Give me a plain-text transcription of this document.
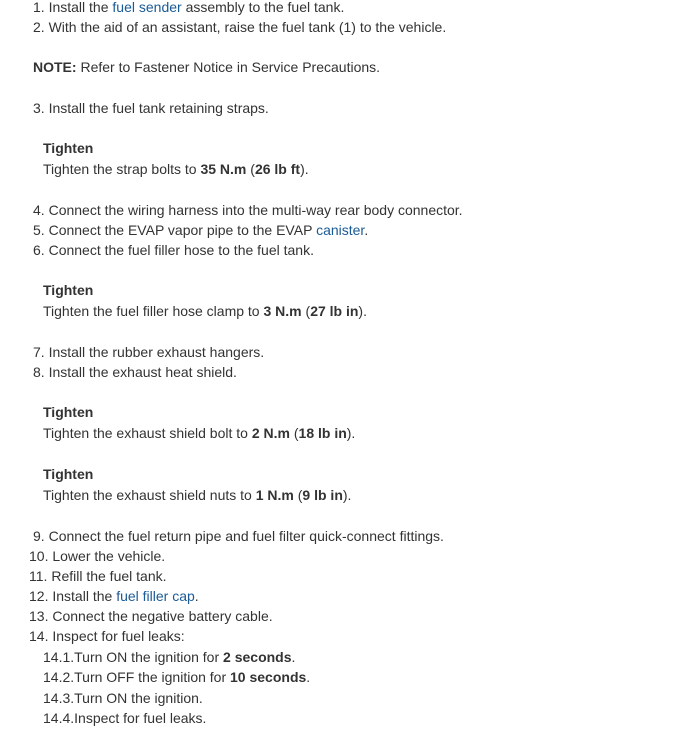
1. Install the fuel sender assembly to the fuel tank.
2. With the aid of an assistant, raise the fuel tank (1) to the vehicle.
NOTE: Refer to Fastener Notice in Service Precautions.
3. Install the fuel tank retaining straps.
Tighten
Tighten the strap bolts to 35 N.m (26 lb ft).
4. Connect the wiring harness into the multi-way rear body connector.
5. Connect the EVAP vapor pipe to the EVAP canister.
6. Connect the fuel filler hose to the fuel tank.
Tighten
Tighten the fuel filler hose clamp to 3 N.m (27 lb in).
7. Install the rubber exhaust hangers.
8. Install the exhaust heat shield.
Tighten
Tighten the exhaust shield bolt to 2 N.m (18 lb in).
Tighten
Tighten the exhaust shield nuts to 1 N.m (9 lb in).
9. Connect the fuel return pipe and fuel filter quick-connect fittings.
10. Lower the vehicle.
11. Refill the fuel tank.
12. Install the fuel filler cap.
13. Connect the negative battery cable.
14. Inspect for fuel leaks:
14.1.Turn ON the ignition for 2 seconds.
14.2.Turn OFF the ignition for 10 seconds.
14.3.Turn ON the ignition.
14.4.Inspect for fuel leaks.
